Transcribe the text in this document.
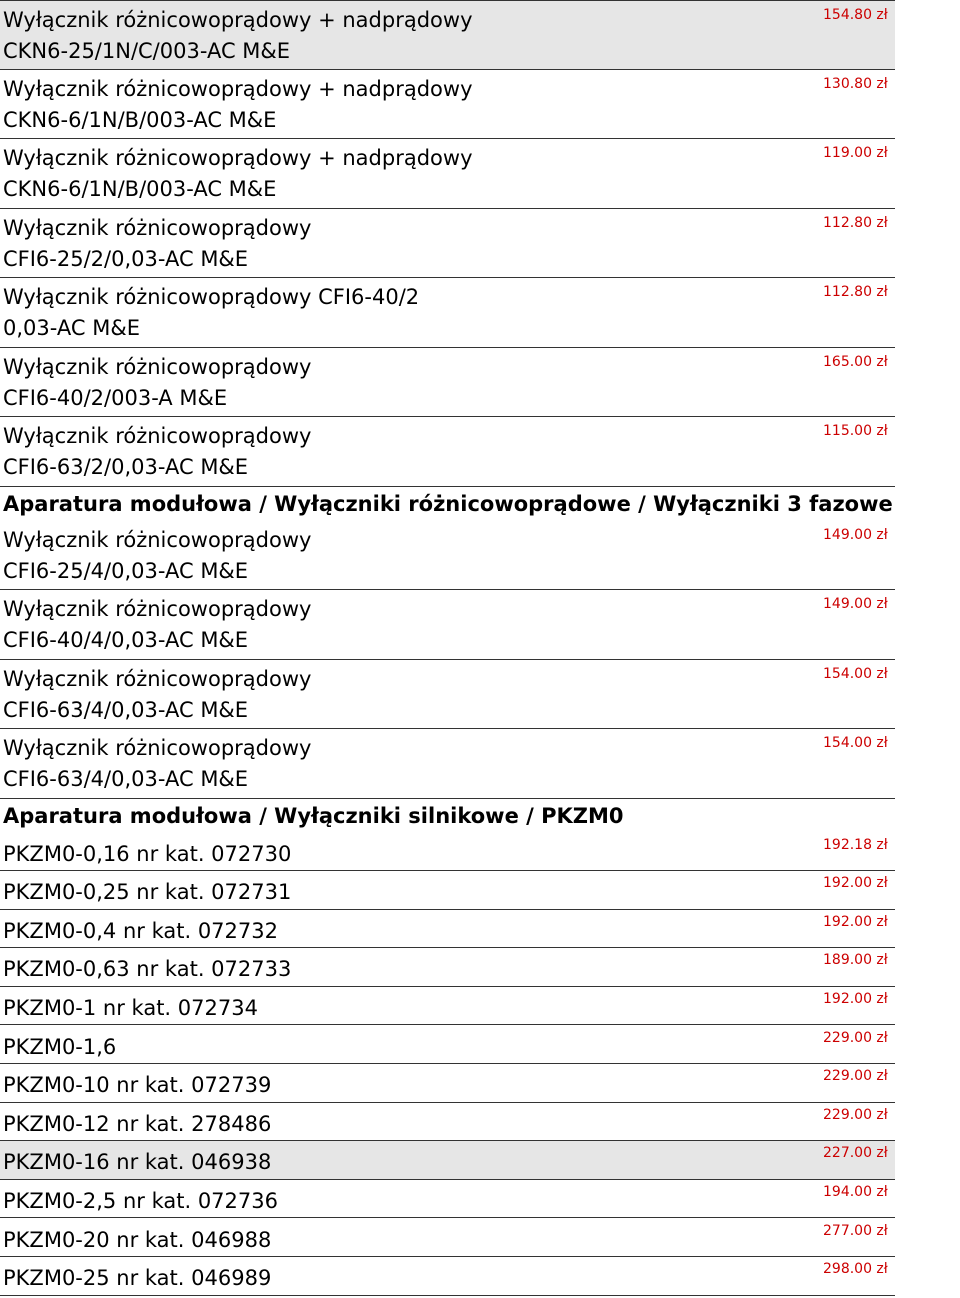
Wyłącznik różnicowoprądowy + nadprądowy
CKN6-25/1N/C/003-AC M&E
154.80 zł
Wyłącznik różnicowoprądowy + nadprądowy
CKN6-6/1N/B/003-AC M&E
130.80 zł
Wyłącznik różnicowoprądowy + nadprądowy
CKN6-6/1N/B/003-AC M&E
119.00 zł
Wyłącznik różnicowoprądowy
CFI6-25/2/0,03-AC M&E
112.80 zł
Wyłącznik różnicowoprądowy CFI6-40/2
0,03-AC M&E
112.80 zł
Wyłącznik różnicowoprądowy
CFI6-40/2/003-A M&E
165.00 zł
Wyłącznik różnicowoprądowy
CFI6-63/2/0,03-AC M&E
115.00 zł
Aparatura modułowa / Wyłączniki różnicowoprądowe / Wyłączniki 3 fazowe
Wyłącznik różnicowoprądowy
CFI6-25/4/0,03-AC M&E
149.00 zł
Wyłącznik różnicowoprądowy
CFI6-40/4/0,03-AC M&E
149.00 zł
Wyłącznik różnicowoprądowy
CFI6-63/4/0,03-AC M&E
154.00 zł
Wyłącznik różnicowoprądowy
CFI6-63/4/0,03-AC M&E
154.00 zł
Aparatura modułowa / Wyłączniki silnikowe / PKZM0
PKZM0-0,16 nr kat. 072730	192.18 zł
PKZM0-0,25 nr kat. 072731	192.00 zł
PKZM0-0,4 nr kat. 072732	192.00 zł
PKZM0-0,63 nr kat. 072733	189.00 zł
PKZM0-1 nr kat. 072734	192.00 zł
PKZM0-1,6	229.00 zł
PKZM0-10 nr kat. 072739	229.00 zł
PKZM0-12 nr kat. 278486	229.00 zł
PKZM0-16 nr kat. 046938	227.00 zł
PKZM0-2,5 nr kat. 072736	194.00 zł
PKZM0-20 nr kat. 046988	277.00 zł
PKZM0-25 nr kat. 046989	298.00 zł
